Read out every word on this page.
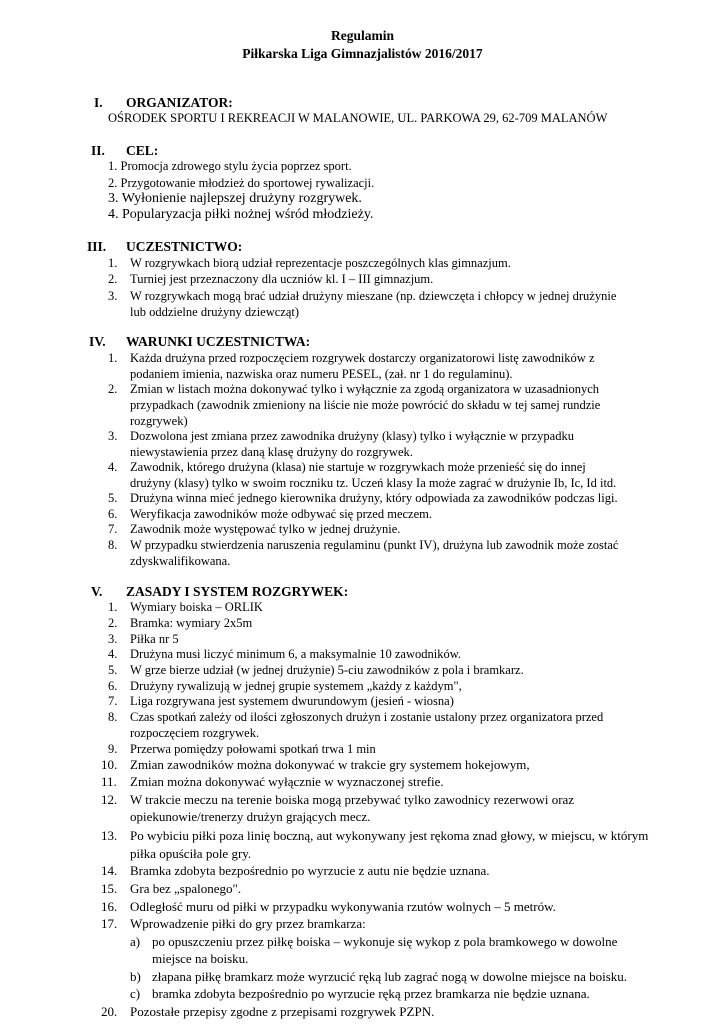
Regulamin
Piłkarska Liga Gimnazjalistów 2016/2017
I. ORGANIZATOR:
OŚRODEK SPORTU I REKREACJI W MALANOWIE, UL. PARKOWA 29, 62-709 MALANÓW
II. CEL:
1. Promocja zdrowego stylu życia poprzez sport.
2. Przygotowanie młodzież do sportowej rywalizacji.
3. Wyłonienie najlepszej drużyny rozgrywek.
4. Popularyzacja piłki nożnej wśród młodzieży.
III. UCZESTNICTWO:
1. W rozgrywkach biorą udział reprezentacje poszczególnych klas gimnazjum.
2. Turniej jest przeznaczony dla uczniów kl. I – III gimnazjum.
3. W rozgrywkach mogą brać udział drużyny mieszane (np. dziewczęta i chłopcy w jednej drużynie
lub oddzielne drużyny dziewcząt)
IV. WARUNKI UCZESTNICTWA:
1. Każda drużyna przed rozpoczęciem rozgrywek dostarczy organizatorowi listę zawodników z
podaniem imienia, nazwiska oraz numeru PESEL, (zał. nr 1 do regulaminu).
2. Zmian w listach można dokonywać tylko i wyłącznie za zgodą organizatora w uzasadnionych
przypadkach (zawodnik zmieniony na liście nie może powrócić do składu w tej samej rundzie
rozgrywek)
3. Dozwolona jest zmiana przez zawodnika drużyny (klasy) tylko i wyłącznie w przypadku
niewystawienia przez daną klasę drużyny do rozgrywek.
4. Zawodnik, którego drużyna (klasa) nie startuje w rozgrywkach może przenieść się do innej
drużyny (klasy) tylko w swoim roczniku tz. Uczeń klasy Ia może zagrać w drużynie Ib, Ic, Id itd.
5. Drużyna winna mieć jednego kierownika drużyny, który odpowiada za zawodników podczas ligi.
6. Weryfikacja zawodników może odbywać się przed meczem.
7. Zawodnik może występować tylko w jednej drużynie.
8. W przypadku stwierdzenia naruszenia regulaminu (punkt IV), drużyna lub zawodnik może zostać
zdyskwalifikowana.
V. ZASADY I SYSTEM ROZGRYWEK:
1. Wymiary boiska – ORLIK
2. Bramka: wymiary 2x5m
3. Piłka nr 5
4. Drużyna musi liczyć minimum 6, a maksymalnie 10 zawodników.
5. W grze bierze udział (w jednej drużynie) 5-ciu zawodników z pola i bramkarz.
6. Drużyny rywalizują w jednej grupie systemem „każdy z każdym",
7. Liga rozgrywana jest systemem dwurundowym (jesień - wiosna)
8. Czas spotkań zależy od ilości zgłoszonych drużyn i zostanie ustalony przez organizatora przed
rozpoczęciem rozgrywek.
9. Przerwa pomiędzy połowami spotkań trwa 1 min
10. Zmian zawodników można dokonywać w trakcie gry systemem hokejowym,
11. Zmian można dokonywać wyłącznie w wyznaczonej strefie.
12. W trakcie meczu na terenie boiska mogą przebywać tylko zawodnicy rezerwowi oraz
opiekunowie/trenerzy drużyn grających mecz.
13. Po wybiciu piłki poza linię boczną, aut wykonywany jest rękoma znad głowy, w miejscu, w którym
piłka opuściła pole gry.
14. Bramka zdobyta bezpośrednio po wyrzucie z autu nie będzie uznana.
15. Gra bez „spalonego".
16. Odległość muru od piłki w przypadku wykonywania rzutów wolnych – 5 metrów.
17. Wprowadzenie piłki do gry przez bramkarza:
a) po opuszczeniu przez piłkę boiska – wykonuje się wykop z pola bramkowego w dowolne
miejsce na boisku.
b) złapana piłkę bramkarz może wyrzucić ręką lub zagrać nogą w dowolne miejsce na boisku.
c) bramka zdobyta bezpośrednio po wyrzucie ręką przez bramkarza nie będzie uznana.
20. Pozostałe przepisy zgodne z przepisami rozgrywek PZPN.
